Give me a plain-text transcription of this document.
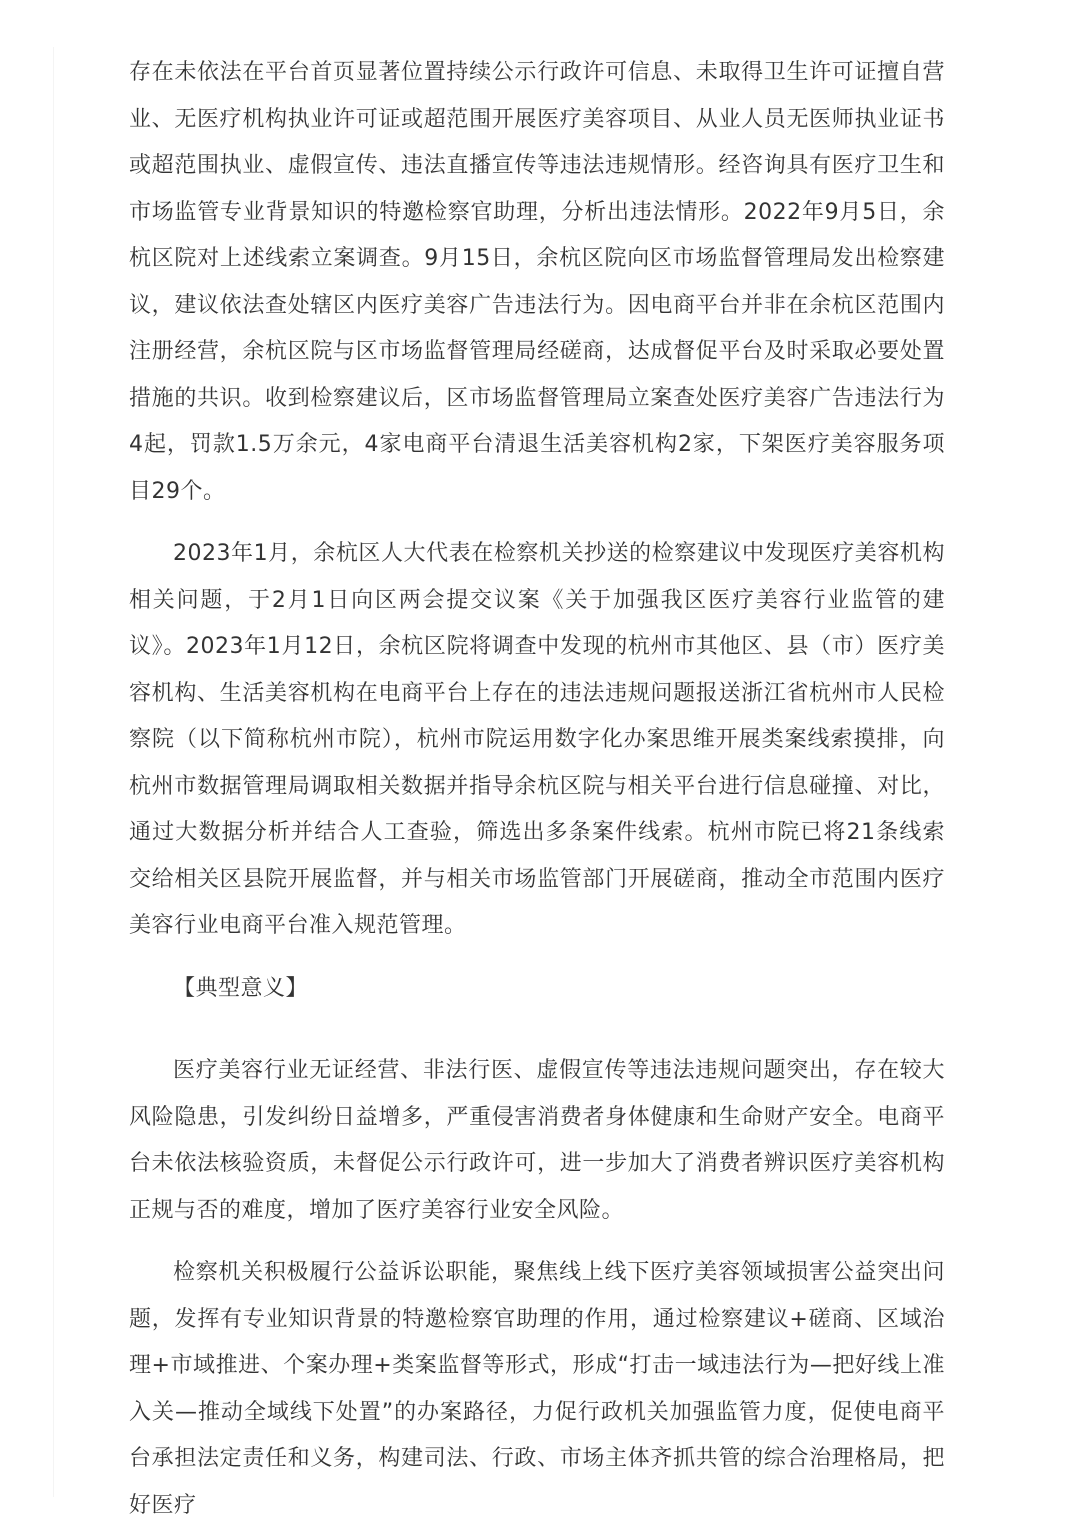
存在未依法在平台首页显著位置持续公示行政许可信息、未取得卫生许可证擅自营业、无医疗机构执业许可证或超范围开展医疗美容项目、从业人员无医师执业证书或超范围执业、虚假宣传、违法直播宣传等违法违规情形。经咨询具有医疗卫生和市场监管专业背景知识的特邀检察官助理，分析出违法情形。2022年9月5日，余杭区院对上述线索立案调查。9月15日，余杭区院向区市场监督管理局发出检察建议，建议依法查处辖区内医疗美容广告违法行为。因电商平台并非在余杭区范围内注册经营，余杭区院与区市场监督管理局经磋商，达成督促平台及时采取必要处置措施的共识。收到检察建议后，区市场监督管理局立案查处医疗美容广告违法行为4起，罚款1.5万余元，4家电商平台清退生活美容机构2家，下架医疗美容服务项目29个。

2023年1月，余杭区人大代表在检察机关抄送的检察建议中发现医疗美容机构相关问题，于2月1日向区两会提交议案《关于加强我区医疗美容行业监管的建议》。2023年1月12日，余杭区院将调查中发现的杭州市其他区、县（市）医疗美容机构、生活美容机构在电商平台上存在的违法违规问题报送浙江省杭州市人民检察院（以下简称杭州市院），杭州市院运用数字化办案思维开展类案线索摸排，向杭州市数据管理局调取相关数据并指导余杭区院与相关平台进行信息碰撞、对比，通过大数据分析并结合人工查验，筛选出多条案件线索。杭州市院已将21条线索交给相关区县院开展监督，并与相关市场监管部门开展磋商，推动全市范围内医疗美容行业电商平台准入规范管理。

【典型意义】

医疗美容行业无证经营、非法行医、虚假宣传等违法违规问题突出，存在较大风险隐患，引发纠纷日益增多，严重侵害消费者身体健康和生命财产安全。电商平台未依法核验资质，未督促公示行政许可，进一步加大了消费者辨识医疗美容机构正规与否的难度，增加了医疗美容行业安全风险。

检察机关积极履行公益诉讼职能，聚焦线上线下医疗美容领域损害公益突出问题，发挥有专业知识背景的特邀检察官助理的作用，通过检察建议+磋商、区域治理+市域推进、个案办理+类案监督等形式，形成“打击一域违法行为—把好线上准入关—推动全域线下处置”的办案路径，力促行政机关加强监管力度，促使电商平台承担法定责任和义务，构建司法、行政、市场主体齐抓共管的综合治理格局，把好医疗
